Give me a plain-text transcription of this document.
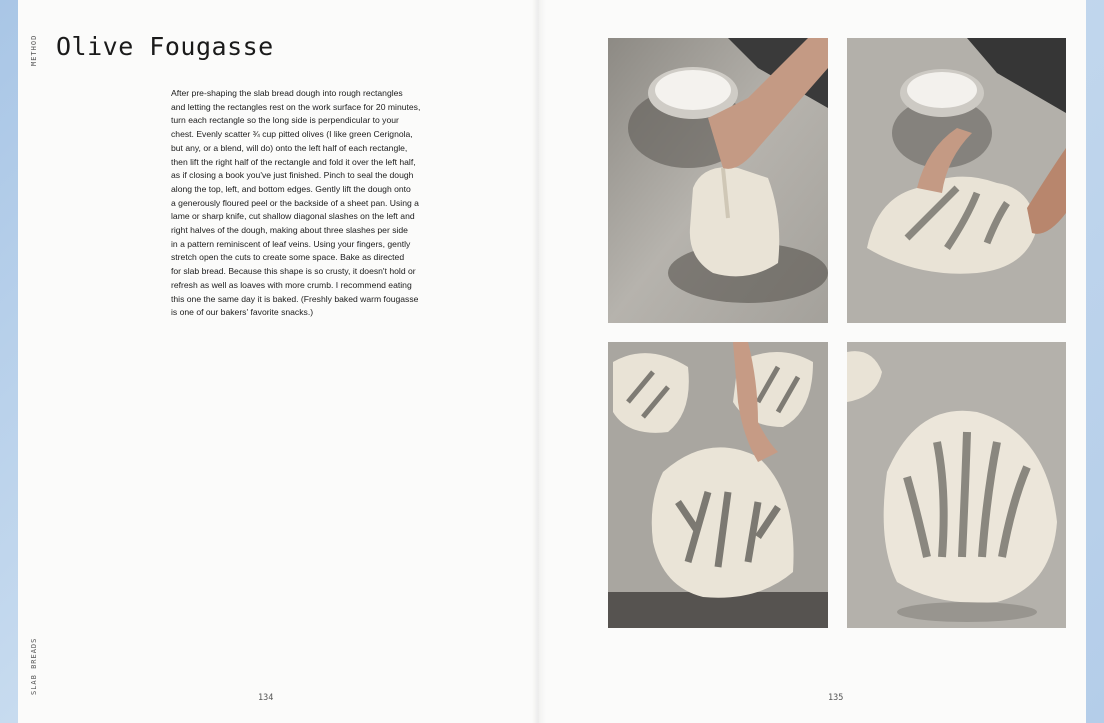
METHOD
SLAB BREADS
Olive Fougasse

After pre-shaping the slab bread dough into rough rectangles
and letting the rectangles rest on the work surface for 20 minutes,
turn each rectangle so the long side is perpendicular to your
chest. Evenly scatter ¾ cup pitted olives (I like green Cerignola,
but any, or a blend, will do) onto the left half of each rectangle,
then lift the right half of the rectangle and fold it over the left half,
as if closing a book you've just finished. Pinch to seal the dough
along the top, left, and bottom edges. Gently lift the dough onto
a generously floured peel or the backside of a sheet pan. Using a
lame or sharp knife, cut shallow diagonal slashes on the left and
right halves of the dough, making about three slashes per side
in a pattern reminiscent of leaf veins. Using your fingers, gently
stretch open the cuts to create some space. Bake as directed
for slab bread. Because this shape is so crusty, it doesn't hold or
refresh as well as loaves with more crumb. I recommend eating
this one the same day it is baked. (Freshly baked warm fougasse
is one of our bakers' favorite snacks.)

134	135
